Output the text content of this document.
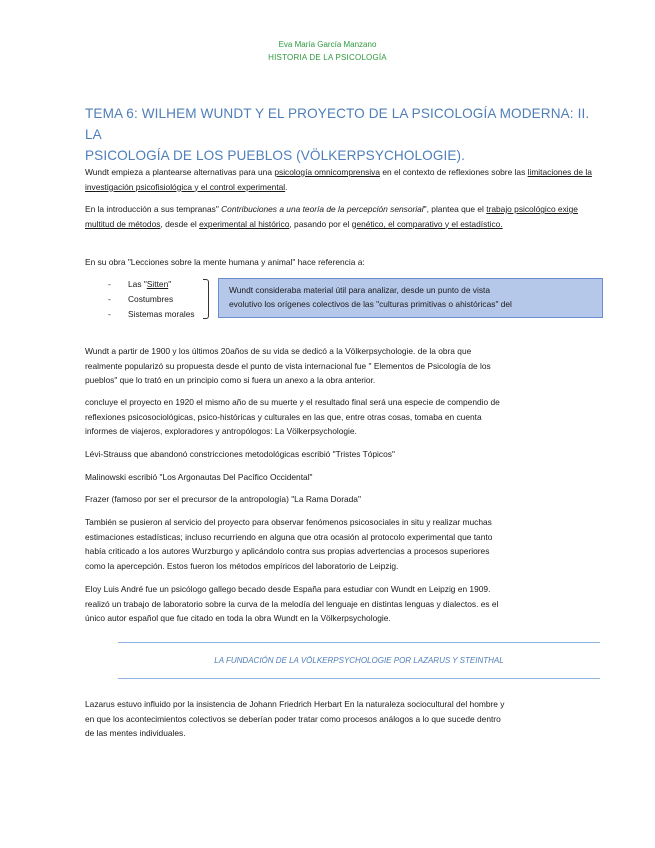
Eva María García Manzano
HISTORIA DE LA PSICOLOGÍA
TEMA 6: WILHEM WUNDT Y EL PROYECTO DE LA PSICOLOGÍA MODERNA: II. LA
PSICOLOGÍA DE LOS PUEBLOS (VÖLKERPSYCHOLOGIE).
Wundt empieza a plantearse alternativas para una psicología omnicomprensiva en el contexto de reflexiones sobre las limitaciones de la investigación psicofisiológica y el control experimental.
En la introducción a sus tempranas" Contribuciones a una teoría de la percepción sensorial", plantea que el trabajo psicológico exige multitud de métodos, desde el experimental al histórico, pasando por el genético, el comparativo y el estadístico.
En su obra "Lecciones sobre la mente humana y animal" hace referencia a:
-	Las "Sitten"
-	Costumbres
-	Sistemas morales
Wundt consideraba material útil para analizar, desde un punto de vista
evolutivo los orígenes colectivos de las "culturas primitivas o ahistóricas" del
Wundt a partir de 1900 y los últimos 20años de su vida se dedicó a la Völkerpsychologie. de la obra que
realmente popularizó su propuesta desde el punto de vista internacional fue " Elementos de Psicología de los
pueblos" que lo trató en un principio como si fuera un anexo a la obra anterior.
concluye el proyecto en 1920 el mismo año de su muerte y el resultado final será una especie de compendio de
reflexiones psicosociológicas, psico-históricas y culturales en las que, entre otras cosas, tomaba en cuenta
informes de viajeros, exploradores y antropólogos: La Völkerpsychologie.
Lévi-Strauss que abandonó constricciones metodológicas escribió "Tristes Tópicos"
Malinowski escribió "Los Argonautas Del Pacífico Occidental"
Frazer (famoso por ser el precursor de la antropología) "La Rama Dorada"
También se pusieron al servicio del proyecto para observar fenómenos psicosociales in situ y realizar muchas
estimaciones estadísticas; incluso recurriendo en alguna que otra ocasión al protocolo experimental que tanto
había criticado a los autores Wurzburgo y aplicándolo contra sus propias advertencias a procesos superiores
como la apercepción. Estos fueron los métodos empíricos del laboratorio de Leipzig.
Eloy Luis André fue un psicólogo gallego becado desde España para estudiar con Wundt en Leipzig en 1909.
realizó un trabajo de laboratorio sobre la curva de la melodía del lenguaje en distintas lenguas y dialectos. es el
único autor español que fue citado en toda la obra Wundt en la Völkerpsychologie.
LA FUNDACIÓN DE LA VÖLKERPSYCHOLOGIE POR LAZARUS Y STEINTHAL
Lazarus estuvo influido por la insistencia de Johann Friedrich Herbart En la naturaleza sociocultural del hombre y
en que los acontecimientos colectivos se deberían poder tratar como procesos análogos a lo que sucede dentro
de las mentes individuales.
